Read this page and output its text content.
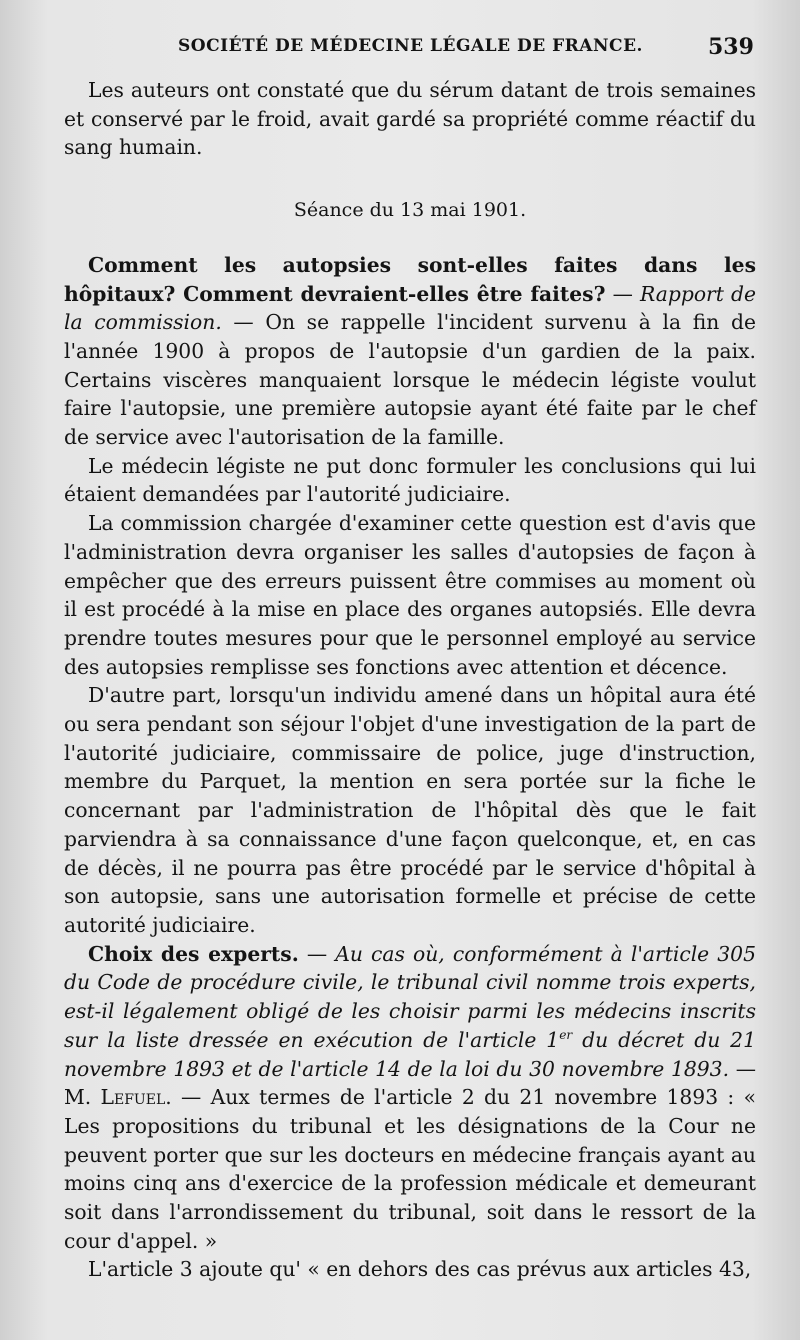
SOCIÉTÉ DE MÉDECINE LÉGALE DE FRANCE.	539

Les auteurs ont constaté que du sérum datant de trois semaines et conservé par le froid, avait gardé sa propriété comme réactif du sang humain.

Séance du 13 mai 1901.

Comment les autopsies sont-elles faites dans les hôpitaux? Comment devraient-elles être faites? — Rapport de la commission. — On se rappelle l'incident survenu à la fin de l'année 1900 à propos de l'autopsie d'un gardien de la paix. Certains viscères manquaient lorsque le médecin légiste voulut faire l'autopsie, une première autopsie ayant été faite par le chef de service avec l'autorisation de la famille.

Le médecin légiste ne put donc formuler les conclusions qui lui étaient demandées par l'autorité judiciaire.

La commission chargée d'examiner cette question est d'avis que l'administration devra organiser les salles d'autopsies de façon à empêcher que des erreurs puissent être commises au moment où il est procédé à la mise en place des organes autopsiés. Elle devra prendre toutes mesures pour que le personnel employé au service des autopsies remplisse ses fonctions avec attention et décence.

D'autre part, lorsqu'un individu amené dans un hôpital aura été ou sera pendant son séjour l'objet d'une investigation de la part de l'autorité judiciaire, commissaire de police, juge d'instruction, membre du Parquet, la mention en sera portée sur la fiche le concernant par l'administration de l'hôpital dès que le fait parviendra à sa connaissance d'une façon quelconque, et, en cas de décès, il ne pourra pas être procédé par le service d'hôpital à son autopsie, sans une autorisation formelle et précise de cette autorité judiciaire.

Choix des experts. — Au cas où, conformément à l'article 305 du Code de procédure civile, le tribunal civil nomme trois experts, est-il légalement obligé de les choisir parmi les médecins inscrits sur la liste dressée en exécution de l'article 1er du décret du 21 novembre 1893 et de l'article 14 de la loi du 30 novembre 1893. — M. Lefuel. — Aux termes de l'article 2 du 21 novembre 1893 : « Les propositions du tribunal et les désignations de la Cour ne peuvent porter que sur les docteurs en médecine français ayant au moins cinq ans d'exercice de la profession médicale et demeurant soit dans l'arrondissement du tribunal, soit dans le ressort de la cour d'appel. »

L'article 3 ajoute qu' « en dehors des cas prévus aux articles 43,
